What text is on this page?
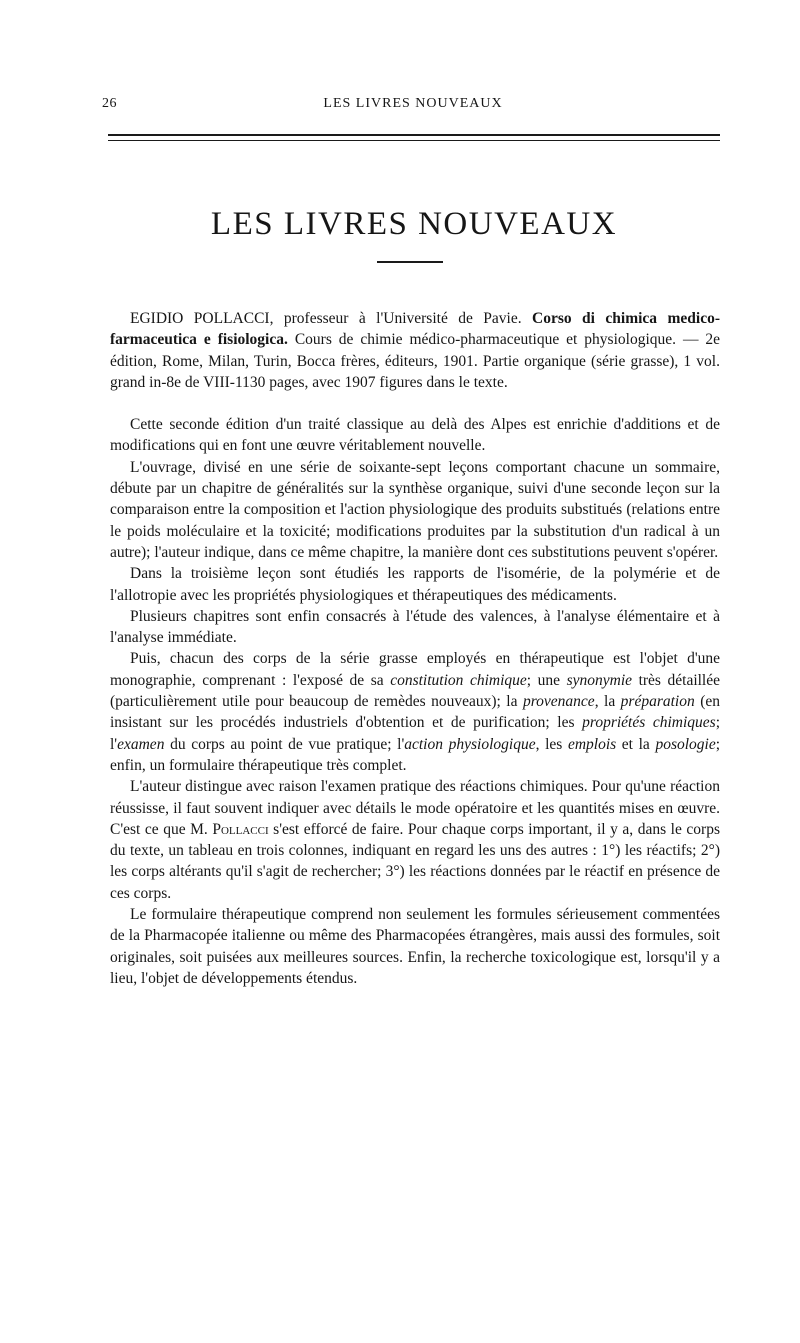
26	LES LIVRES NOUVEAUX
LES LIVRES NOUVEAUX

EGIDIO POLLACCI, professeur à l'Université de Pavie. Corso di chimica medico-farmaceutica e fisiologica. Cours de chimie médico-pharmaceutique et physiologique. — 2e édition, Rome, Milan, Turin, Bocca frères, éditeurs, 1901. Partie organique (série grasse), 1 vol. grand in-8e de VIII-1130 pages, avec 1907 figures dans le texte.

Cette seconde édition d'un traité classique au delà des Alpes est enrichie d'additions et de modifications qui en font une œuvre véritablement nouvelle.

L'ouvrage, divisé en une série de soixante-sept leçons comportant chacune un sommaire, débute par un chapitre de généralités sur la synthèse organique, suivi d'une seconde leçon sur la comparaison entre la composition et l'action physiologique des produits substitués (relations entre le poids moléculaire et la toxicité; modifications produites par la substitution d'un radical à un autre); l'auteur indique, dans ce même chapitre, la manière dont ces substitutions peuvent s'opérer.

Dans la troisième leçon sont étudiés les rapports de l'isomérie, de la polymérie et de l'allotropie avec les propriétés physiologiques et thérapeutiques des médicaments.

Plusieurs chapitres sont enfin consacrés à l'étude des valences, à l'analyse élémentaire et à l'analyse immédiate.

Puis, chacun des corps de la série grasse employés en thérapeutique est l'objet d'une monographie, comprenant : l'exposé de sa constitution chimique; une synonymie très détaillée (particulièrement utile pour beaucoup de remèdes nouveaux); la provenance, la préparation (en insistant sur les procédés industriels d'obtention et de purification; les propriétés chimiques; l'examen du corps au point de vue pratique; l'action physiologique, les emplois et la posologie; enfin, un formulaire thérapeutique très complet.

L'auteur distingue avec raison l'examen pratique des réactions chimiques. Pour qu'une réaction réussisse, il faut souvent indiquer avec détails le mode opératoire et les quantités mises en œuvre. C'est ce que M. Pollacci s'est efforcé de faire. Pour chaque corps important, il y a, dans le corps du texte, un tableau en trois colonnes, indiquant en regard les uns des autres : 1°) les réactifs; 2°) les corps altérants qu'il s'agit de rechercher; 3°) les réactions données par le réactif en présence de ces corps.

Le formulaire thérapeutique comprend non seulement les formules sérieusement commentées de la Pharmacopée italienne ou même des Pharmacopées étrangères, mais aussi des formules, soit originales, soit puisées aux meilleures sources. Enfin, la recherche toxicologique est, lorsqu'il y a lieu, l'objet de développements étendus.
